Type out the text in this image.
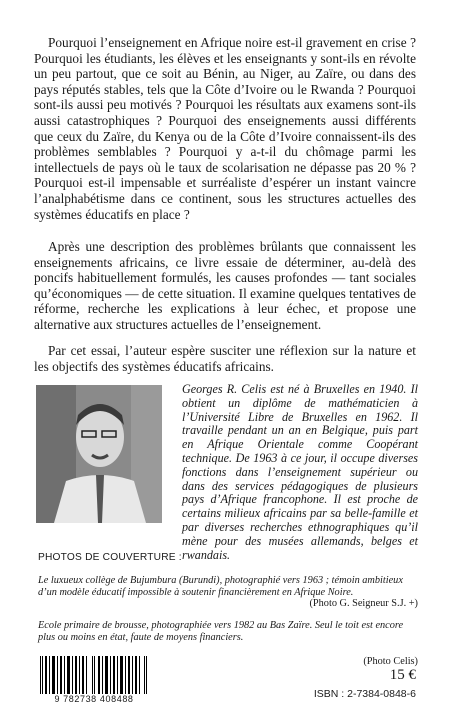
Pourquoi l’enseignement en Afrique noire est-il gravement en crise ? Pourquoi les étudiants, les élèves et les enseignants y sont-ils en révolte un peu partout, que ce soit au Bénin, au Niger, au Zaïre, ou dans des pays réputés stables, tels que la Côte d’Ivoire ou le Rwanda ? Pourquoi sont-ils aussi peu motivés ? Pourquoi les résultats aux examens sont-ils aussi catastrophiques ? Pourquoi des enseignements aussi différents que ceux du Zaïre, du Kenya ou de la Côte d’Ivoire connaissent-ils des problèmes semblables ? Pourquoi y a-t-il du chômage parmi les intellectuels de pays où le taux de scolarisation ne dépasse pas 20 % ? Pourquoi est-il impensable et surréaliste d’espérer un instant vaincre l’analphabétisme dans ce continent, sous les structures actuelles des systèmes éducatifs en place ?

Après une description des problèmes brûlants que connaissent les enseignements africains, ce livre essaie de déterminer, au-delà des poncifs habituellement formulés, les causes profondes — tant sociales qu’économiques — de cette situation. Il examine quelques tentatives de réforme, recherche les explications à leur échec, et propose une alternative aux structures actuelles de l’enseignement.

Par cet essai, l’auteur espère susciter une réflexion sur la nature et les objectifs des systèmes éducatifs africains.

Georges R. Celis est né à Bruxelles en 1940. Il obtient un diplôme de mathématicien à l’Université Libre de Bruxelles en 1962. Il travaille pendant un an en Belgique, puis part en Afrique Orientale comme Coopérant technique. De 1963 à ce jour, il occupe diverses fonctions dans l’enseignement supérieur ou dans des services pédagogiques de plusieurs pays d’Afrique francophone. Il est proche de certains milieux africains par sa belle-famille et par diverses recherches ethnographiques qu’il mène pour des musées allemands, belges et rwandais.

PHOTOS DE COUVERTURE :

Le luxueux collège de Bujumbura (Burundi), photographié vers 1963 ; témoin ambitieux d’un modèle éducatif impossible à soutenir financièrement en Afrique Noire.

(Photo G. Seigneur S.J. +)

Ecole primaire de brousse, photographiée vers 1982 au Bas Zaïre. Seul le toit est encore plus ou moins en état, faute de moyens financiers.

(Photo Celis)
9 782738 408488
15 €
ISBN : 2-7384-0848-6
